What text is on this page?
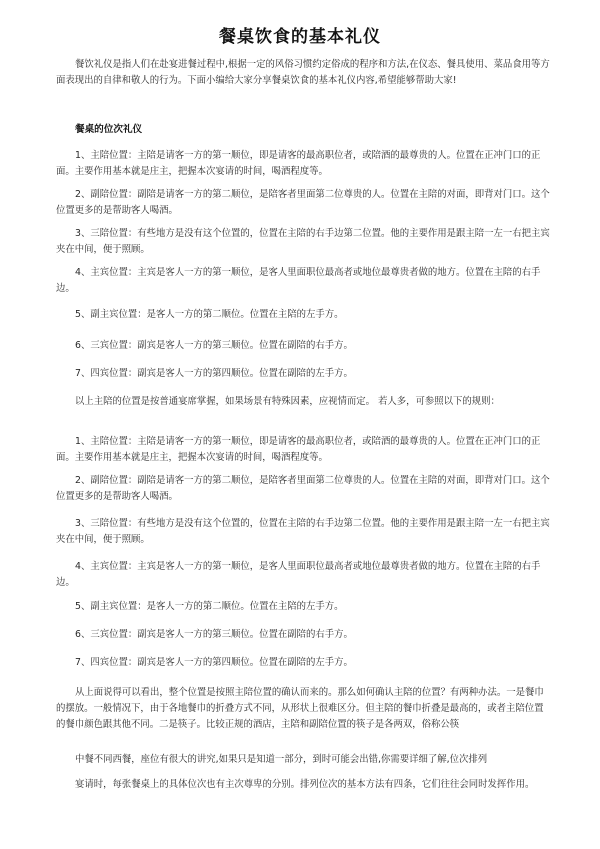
餐桌饮食的基本礼仪

餐饮礼仪是指人们在赴宴进餐过程中,根据一定的风俗习惯约定俗成的程序和方法,在仪态、餐具使用、菜品食用等方面表现出的自律和敬人的行为。下面小编给大家分享餐桌饮食的基本礼仪内容,希望能够帮助大家!

餐桌的位次礼仪

1、主陪位置：主陪是请客一方的第一顺位，即是请客的最高职位者，或陪酒的最尊贵的人。位置在正冲门口的正面。主要作用基本就是庄主，把握本次宴请的时间，喝酒程度等。

2、副陪位置：副陪是请客一方的第二顺位，是陪客者里面第二位尊贵的人。位置在主陪的对面，即背对门口。这个位置更多的是帮助客人喝酒。

3、三陪位置：有些地方是没有这个位置的，位置在主陪的右手边第二位置。他的主要作用是跟主陪一左一右把主宾夹在中间，便于照顾。

4、主宾位置：主宾是客人一方的第一顺位，是客人里面职位最高者或地位最尊贵者做的地方。位置在主陪的右手边。

5、副主宾位置：是客人一方的第二顺位。位置在主陪的左手方。

6、三宾位置：副宾是客人一方的第三顺位。位置在副陪的右手方。

7、四宾位置：副宾是客人一方的第四顺位。位置在副陪的左手方。

以上主陪的位置是按普通宴席掌握，如果场景有特殊因素，应视情而定。 若人多，可参照以下的规则：

1、主陪位置：主陪是请客一方的第一顺位，即是请客的最高职位者，或陪酒的最尊贵的人。位置在正冲门口的正面。主要作用基本就是庄主，把握本次宴请的时间，喝酒程度等。

2、副陪位置：副陪是请客一方的第二顺位，是陪客者里面第二位尊贵的人。位置在主陪的对面，即背对门口。这个位置更多的是帮助客人喝酒。

3、三陪位置：有些地方是没有这个位置的，位置在主陪的右手边第二位置。他的主要作用是跟主陪一左一右把主宾夹在中间，便于照顾。

4、主宾位置：主宾是客人一方的第一顺位，是客人里面职位最高者或地位最尊贵者做的地方。位置在主陪的右手边。

5、副主宾位置：是客人一方的第二顺位。位置在主陪的左手方。

6、三宾位置：副宾是客人一方的第三顺位。位置在副陪的右手方。

7、四宾位置：副宾是客人一方的第四顺位。位置在副陪的左手方。

从上面说得可以看出，整个位置是按照主陪位置的确认而来的。那么如何确认主陪的位置？有两种办法。一是餐巾的摆放。一般情况下，由于各地餐巾的折叠方式不同，从形状上很难区分。但主陪的餐巾折叠是最高的，或者主陪位置的餐巾颜色跟其他不同。二是筷子。比较正规的酒店，主陪和副陪位置的筷子是各两双，俗称公筷

中餐不同西餐，座位有很大的讲究,如果只是知道一部分，到时可能会出错,你需要详细了解,位次排列

宴请时，每张餐桌上的具体位次也有主次尊卑的分别。排列位次的基本方法有四条，它们往往会同时发挥作用。
